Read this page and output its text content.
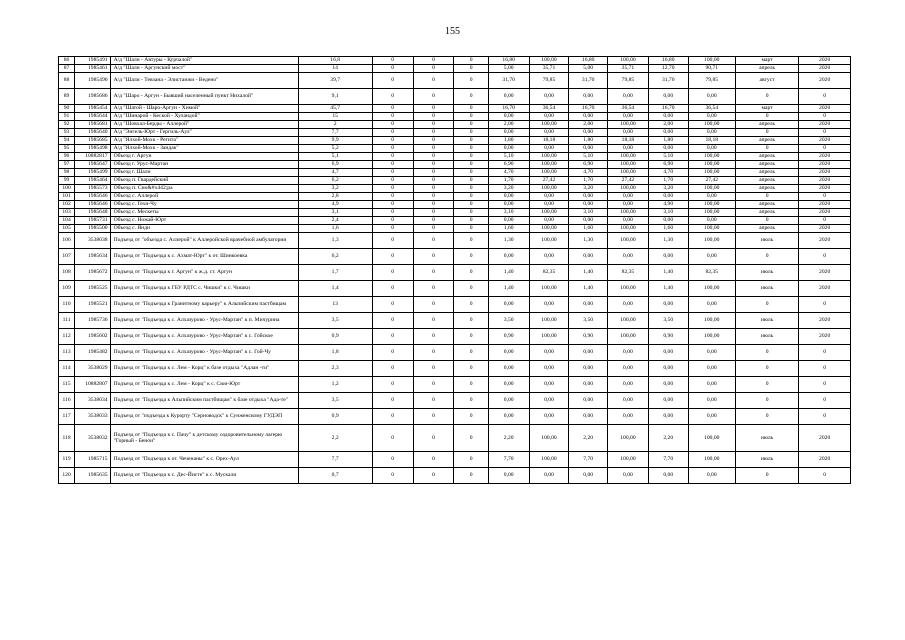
155
86	1985491	А/д "Шали - Автуры - Курчалой"	16,8	0	0	0	16,80	100,00	16,80	100,00	16,80	100,00	март	2020
87	1985461	А/д "Шали - Аргунский мост"	14	0	0	0	5,00	35,71	5,00	35,71	12,70	90,71	апрель	2020
88	1985490	А/д "Шали - Тевзана - Элистанжи - Ведено"	39,7	0	0	0	31,70	79,85	31,70	79,85	31,70	79,85	август	2020
89	1985686	А/д "Шаро - Аргун - Бывший населенный пункт Нихалой"	9,1	0	0	0	0,00	0,00	0,00	0,00	0,00	0,00	0	0
90	1985454	А/д "Шатой - Шаро-Аргун - Химой"	45,7	0	0	0	16,70	36,54	16,70	36,54	16,70	36,54	март	2020
91	1985644	А/д "Шинарой - Кеской - Хуландой"	15	0	0	0	0,00	0,00	0,00	0,00	0,00	0,00	0	0
92	1985681	А/д "Шовхал-Берды - Аллерой"	2	0	0	0	2,00	100,00	2,00	100,00	2,00	100,00	апрель	2020
93	1985640	А/д "Энгель-Юрт - Гергиль-Аул"	7,7	0	0	0	0,00	0,00	0,00	0,00	0,00	0,00	0	0
94	1985685	А/д "Ялхой-Мохк - Регита"	9,9	0	0	0	1,80	18,18	1,80	18,18	1,80	18,18	апрель	2020
95	1985498	А/д "Ялхой-Мохк - Зандак"	5,2	0	0	0	0,00	0,00	0,00	0,00	0,00	0,00	0	0
96	10882817	Объезд г. Аргун	5,1	0	0	0	5,10	100,00	5,10	100,00	5,10	100,00	апрель	2020
97	1985647	Объезд г. Урус-Мартан	6,9	0	0	0	6,90	100,00	6,90	100,00	6,90	100,00	апрель	2020
98	1985499	Объезд г. Шали	4,7	0	0	0	4,70	100,00	4,70	100,00	4,70	100,00	апрель	2020
99	1985464	Объезд п. Гвардейский	6,2	0	0	0	1,70	27,42	1,70	27,42	1,70	27,42	апрель	2020
100	1985573	Объезд п. Сно&#x442;ра	3,2	0	0	0	3,20	100,00	3,20	100,00	3,20	100,00	апрель	2020
101	1985646	Объезд с. Аллерой	2,8	0	0	0	0,00	0,00	0,00	0,00	0,00	0,00	0	0
102	1985646	Объезд с. Гехи-Чу	4,9	0	0	0	0,00	0,00	0,00	0,00	4,90	100,00	апрель	2020
103	1985648	Объезд с. Мескеты	3,1	0	0	0	3,10	100,00	3,10	100,00	3,10	100,00	апрель	2020
104	1985731	Объезд с. Ножай-Юрт	2,4	0	0	0	0,00	0,00	0,00	0,00	0,00	0,00	0	0
105	1985500	Объезд с. Янди	1,6	0	0	0	1,60	100,00	1,60	100,00	1,60	100,00	апрель	2020
106	3538038	Подъезд от "объезда с. Аллерой" к Аллеройской врачебной амбулатории	1,3	0	0	0	1,30	100,00	1,30	100,00	1,30	100,00	июль	2020
107	1985634	Подъезд от "Подъезда к с. Ахмат-Юрт" к от. Шинкоевка	6,2	0	0	0	0,00	0,00	0,00	0,00	0,00	0,00	0	0
108	1985672	Подъезд от "Подъезда к г. Аргун" к ж.д. ст. Аргун	1,7	0	0	0	1,40	82,35	1,40	82,35	1,40	82,35	июль	2020
109	1985525	Подъезд от "Подъезда к ГБУ РДТС с. Чишки" к с. Чишки	1,4	0	0	0	1,40	100,00	1,40	100,00	1,40	100,00	июль	2020
110	1985521	Подъезд от "Подъезда к Гранитному карьеру" к Альпийским пастбищам	13	0	0	0	0,00	0,00	0,00	0,00	0,00	0,00	0	0
111	1985736	Подъезд от "Подъезда к с. Алхазурово - Урус-Мартан" к п. Мичурина	3,5	0	0	0	3,50	100,00	3,50	100,00	3,50	100,00	июль	2020
112	1985602	Подъезд от "Подъезда к с. Алхазурово - Урус-Мартан" к с. Гойское	0,9	0	0	0	0,90	100,00	0,90	100,00	0,90	100,00	июль	2020
113	1985482	Подъезд от "Подъезда к с. Алхазурово - Урус-Мартан" к с. Гой-Чу	1,8	0	0	0	0,00	0,00	0,00	0,00	0,00	0,00	0	0
114	3538029	Подъезд от "Подъезда к с. Лем - Корц" к базе отдыха "Адлан -ти"	2,3	0	0	0	0,00	0,00	0,00	0,00	0,00	0,00	0	0
115	10882807	Подъезд от "Подъезда к с. Лем - Корц" к с. Сюи-Юрт	1,2	0	0	0	0,00	0,00	0,00	0,00	0,00	0,00	0	0
116	3538034	Подъезд от "Подъезда к Альпийским пастбищам" к базе отдыха "Ада-те"	3,5	0	0	0	0,00	0,00	0,00	0,00	0,00	0,00	0	0
117	3538033	Подъезд от "подъезда к Курорту "Серноводск" к Сунженскому ГУДЭП	0,9	0	0	0	0,00	0,00	0,00	0,00	0,00	0,00	0	0
118	3538032	Подъезд от "Подъезда к с. Пачу" к детскому оздоровительному лагерю "Горный - Бенои"	2,2	0	0	0	2,20	100,00	2,20	100,00	2,20	100,00	июль	2020
119	1985715	Подъезд от "Подъезда к от. Чеченаны" к с. Орех-Аул	7,7	0	0	0	7,70	100,00	7,70	100,00	7,70	100,00	июль	2020
120	1985635	Подъезд от "Подъезда к с. Дес-Йисте" к с. Мускали	0,7	0	0	0	0,00	0,00	0,00	0,00	0,00	0,00	0	0
